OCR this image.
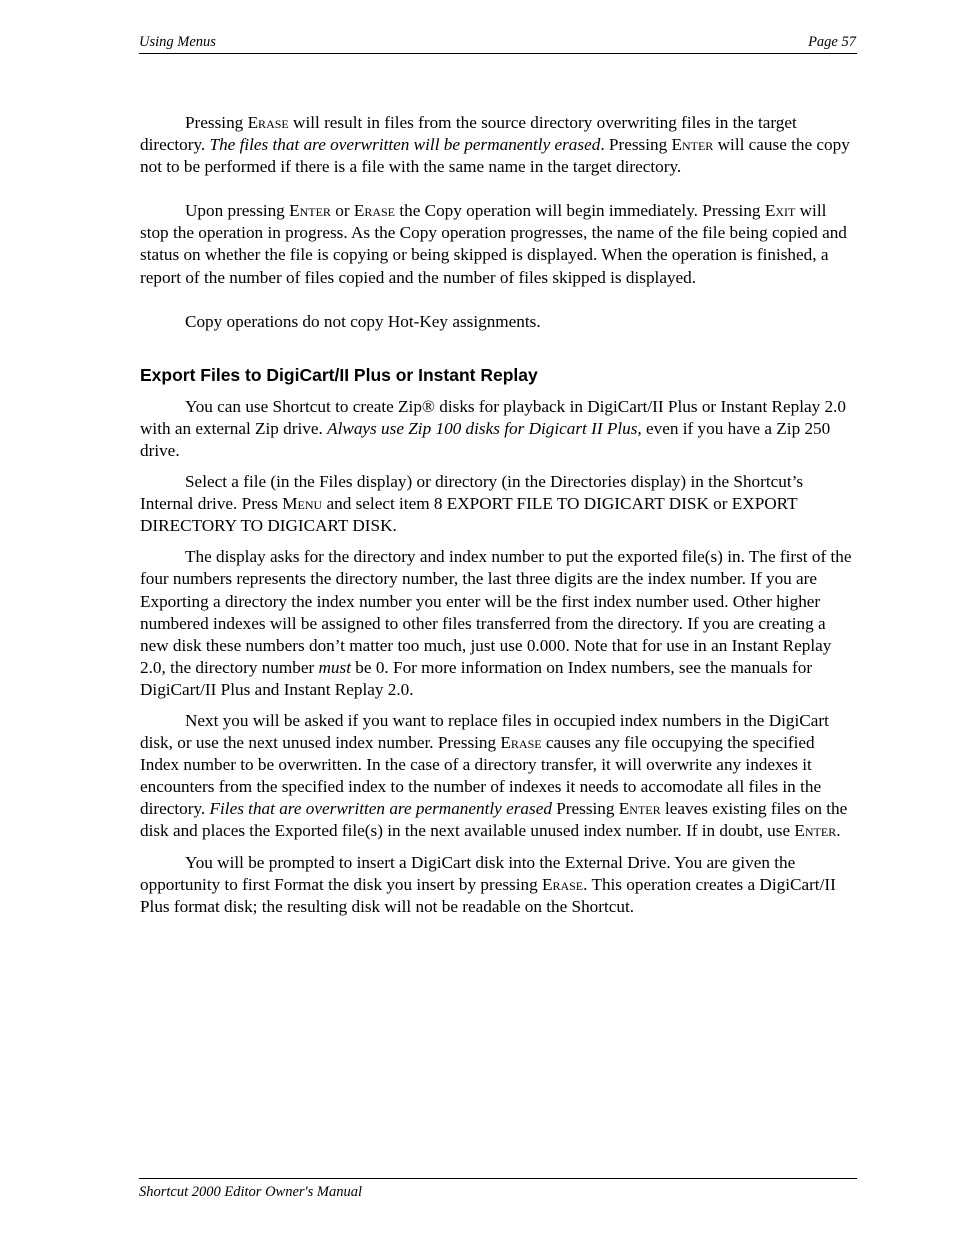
Using Menus	Page 57

Pressing Erase will result in files from the source directory overwriting files in the target directory. The files that are overwritten will be permanently erased. Pressing Enter will cause the copy not to be performed if there is a file with the same name in the target directory.

Upon pressing Enter or Erase the Copy operation will begin immediately. Pressing Exit will stop the operation in progress. As the Copy operation progresses, the name of the file being copied and status on whether the file is copying or being skipped is displayed. When the operation is finished, a report of the number of files copied and the number of files skipped is displayed.

Copy operations do not copy Hot-Key assignments.

Export Files to DigiCart/II Plus or Instant Replay

You can use Shortcut to create Zip® disks for playback in DigiCart/II Plus or Instant Replay 2.0 with an external Zip drive. Always use Zip 100 disks for Digicart II Plus, even if you have a Zip 250 drive.

Select a file (in the Files display) or directory (in the Directories display) in the Shortcut’s Internal drive. Press Menu and select item 8 EXPORT FILE TO DIGICART DISK or EXPORT DIRECTORY TO DIGICART DISK.

The display asks for the directory and index number to put the exported file(s) in. The first of the four numbers represents the directory number, the last three digits are the index number. If you are Exporting a directory the index number you enter will be the first index number used. Other higher numbered indexes will be assigned to other files transferred from the directory. If you are creating a new disk these numbers don’t matter too much, just use 0.000. Note that for use in an Instant Replay 2.0, the directory number must be 0. For more information on Index numbers, see the manuals for DigiCart/II Plus and Instant Replay 2.0.

Next you will be asked if you want to replace files in occupied index numbers in the DigiCart disk, or use the next unused index number. Pressing Erase causes any file occupying the specified Index number to be overwritten. In the case of a directory transfer, it will overwrite any indexes it encounters from the specified index to the number of indexes it needs to accomodate all files in the directory. Files that are overwritten are permanently erased Pressing Enter leaves existing files on the disk and places the Exported file(s) in the next available unused index number. If in doubt, use Enter.

You will be prompted to insert a DigiCart disk into the External Drive. You are given the opportunity to first Format the disk you insert by pressing Erase. This operation creates a DigiCart/II Plus format disk; the resulting disk will not be readable on the Shortcut.

Shortcut 2000 Editor Owner's Manual
